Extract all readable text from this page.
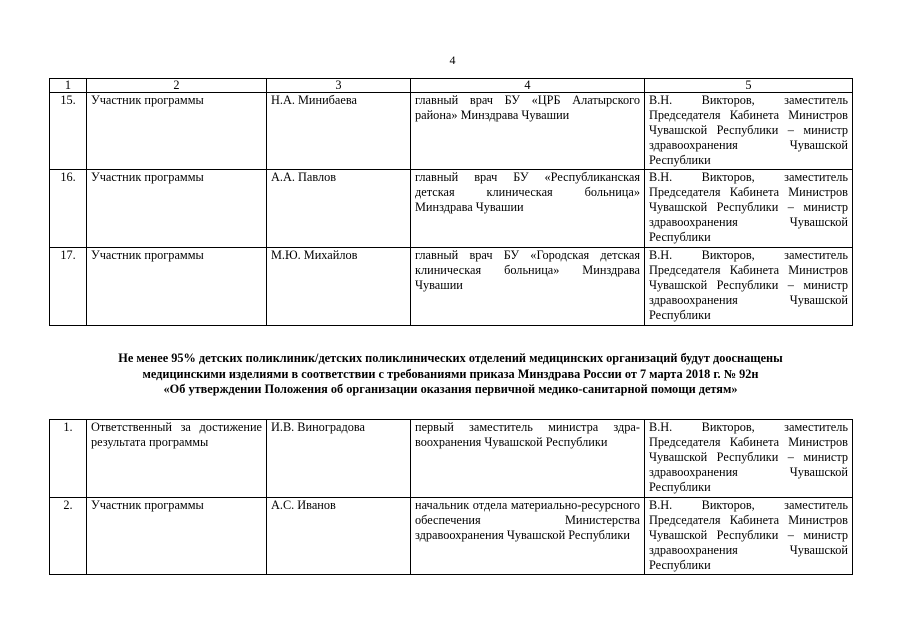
4
1	2	3	4	5
15.	Участник программы	Н.А. Минибаева	главный врач БУ «ЦРБ Алатырского района» Минздрава Чувашии	В.Н. Викторов, заместитель Председателя Кабинета Министров Чувашской Республики – министр здравоохранения Чувашской Республики
16.	Участник программы	А.А. Павлов	главный врач БУ «Республиканская детская клиническая больница» Минздрава Чувашии	В.Н. Викторов, заместитель Председателя Кабинета Министров Чувашской Республики – министр здравоохранения Чувашской Республики
17.	Участник программы	М.Ю. Михайлов	главный врач БУ «Городская детская клиническая больница» Минздрава Чувашии	В.Н. Викторов, заместитель Председателя Кабинета Министров Чувашской Республики – министр здравоохранения Чувашской Республики
Не менее 95% детских поликлиник/детских поликлинических отделений медицинских организаций будут дооснащены
медицинскими изделиями в соответствии с требованиями приказа Минздрава России от 7 марта 2018 г. № 92н
«Об утверждении Положения об организации оказания первичной медико-санитарной помощи детям»
1.	Ответственный за достижение результата программы	И.В. Виноградова	первый заместитель министра здравоохранения Чувашской Республики	В.Н. Викторов, заместитель Председателя Кабинета Министров Чувашской Республики – министр здравоохранения Чувашской Республики
2.	Участник программы	А.С. Иванов	начальник отдела материально-ресурсного обеспечения Министерства здравоохранения Чувашской Республики	В.Н. Викторов, заместитель Председателя Кабинета Министров Чувашской Республики – министр здравоохранения Чувашской Республики
